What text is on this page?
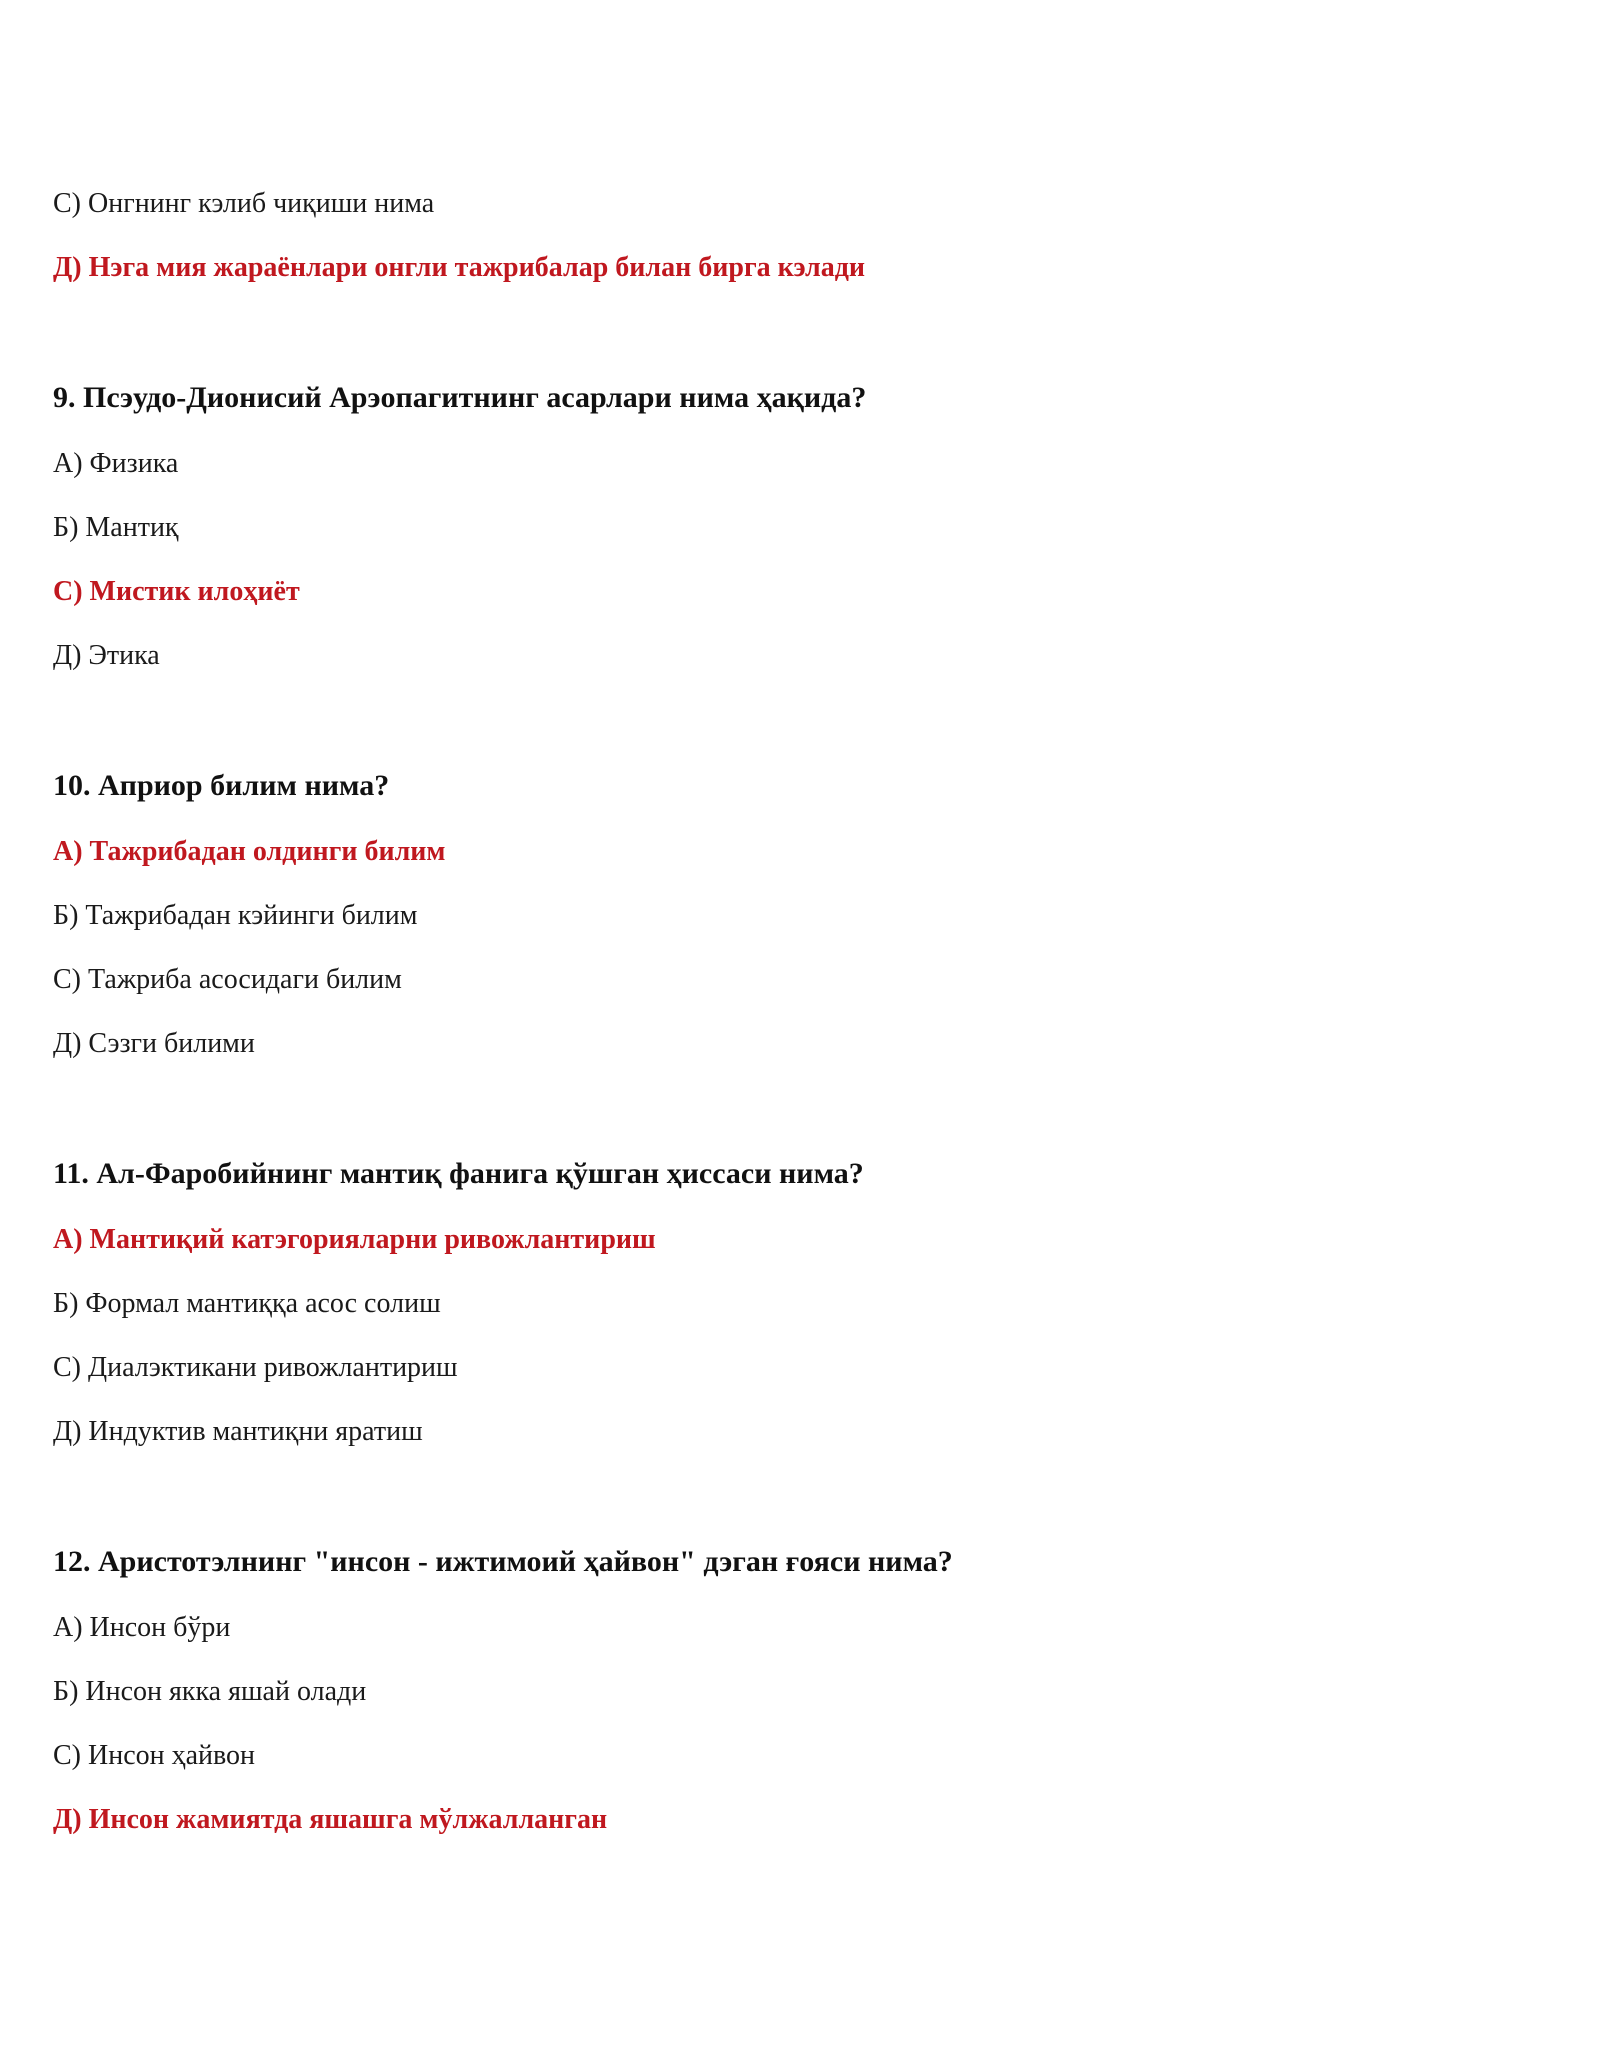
С) Онгнинг кэлиб чиқиши нима

Д) Нэга мия жараёнлари онгли тажрибалар билан бирга кэлади

9. Псэудо-Дионисий Арэопагитнинг асарлари нима ҳақида?

А) Физика

Б) Мантиқ

С) Мистик илоҳиёт

Д) Этика

10. Априор билим нима?

А) Тажрибадан олдинги билим

Б) Тажрибадан кэйинги билим

С) Тажриба асосидаги билим

Д) Сэзги билими

11. Ал-Фаробийнинг мантиқ фанига қўшган ҳиссаси нима?

А) Мантиқий катэгорияларни ривожлантириш

Б) Формал мантиққа асос солиш

С) Диалэктикани ривожлантириш

Д) Индуктив мантиқни яратиш

12. Аристотэлнинг "инсон - ижтимоий ҳайвон" дэган ғояси нима?

А) Инсон бўри

Б) Инсон якка яшай олади

С) Инсон ҳайвон

Д) Инсон жамиятда яшашга мўлжалланган
